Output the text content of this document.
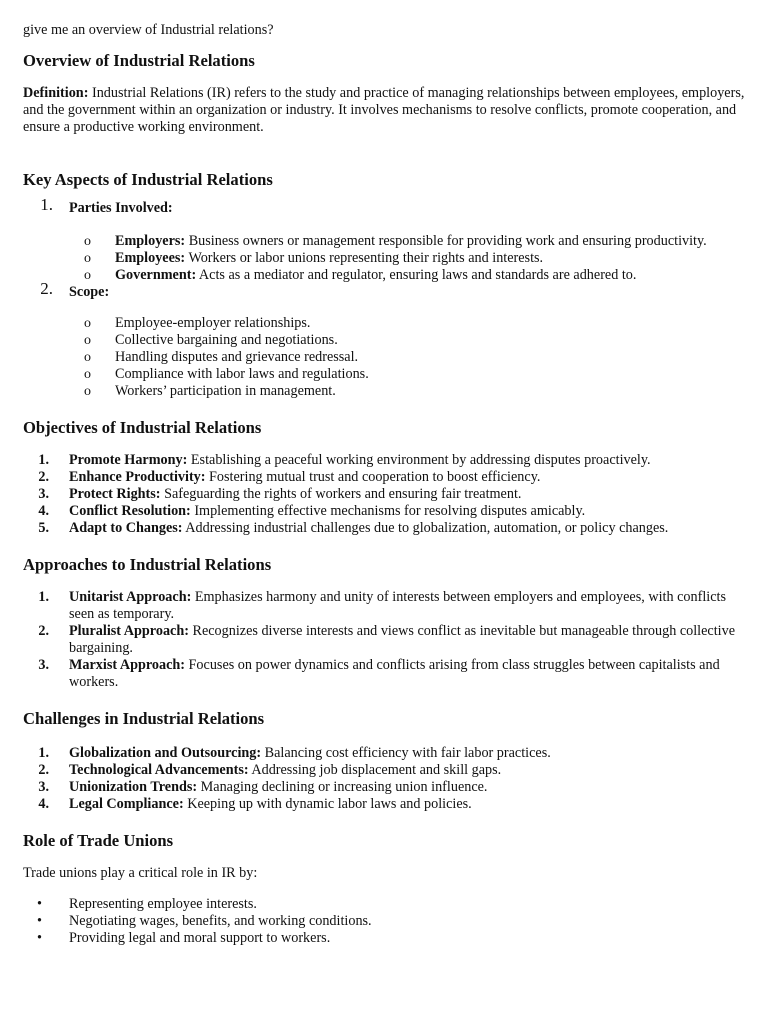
give me an overview of Industrial relations?

Overview of Industrial Relations

Definition: Industrial Relations (IR) refers to the study and practice of managing relationships between employees, employers, and the government within an organization or industry. It involves mechanisms to resolve conflicts, promote cooperation, and ensure a productive working environment.

Key Aspects of Industrial Relations
1. Parties Involved:
o Employers: Business owners or management responsible for providing work and ensuring productivity.
o Employees: Workers or labor unions representing their rights and interests.
o Government: Acts as a mediator and regulator, ensuring laws and standards are adhered to.
2. Scope:
o Employee-employer relationships.
o Collective bargaining and negotiations.
o Handling disputes and grievance redressal.
o Compliance with labor laws and regulations.
o Workers’ participation in management.
Objectives of Industrial Relations
1. Promote Harmony: Establishing a peaceful working environment by addressing disputes proactively.
2. Enhance Productivity: Fostering mutual trust and cooperation to boost efficiency.
3. Protect Rights: Safeguarding the rights of workers and ensuring fair treatment.
4. Conflict Resolution: Implementing effective mechanisms for resolving disputes amicably.
5. Adapt to Changes: Addressing industrial challenges due to globalization, automation, or policy changes.
Approaches to Industrial Relations
1. Unitarist Approach: Emphasizes harmony and unity of interests between employers and employees, with conflicts seen as temporary.
2. Pluralist Approach: Recognizes diverse interests and views conflict as inevitable but manageable through collective bargaining.
3. Marxist Approach: Focuses on power dynamics and conflicts arising from class struggles between capitalists and workers.
Challenges in Industrial Relations
1. Globalization and Outsourcing: Balancing cost efficiency with fair labor practices.
2. Technological Advancements: Addressing job displacement and skill gaps.
3. Unionization Trends: Managing declining or increasing union influence.
4. Legal Compliance: Keeping up with dynamic labor laws and policies.
Role of Trade Unions

Trade unions play a critical role in IR by:

• Representing employee interests.
• Negotiating wages, benefits, and working conditions.
• Providing legal and moral support to workers.
